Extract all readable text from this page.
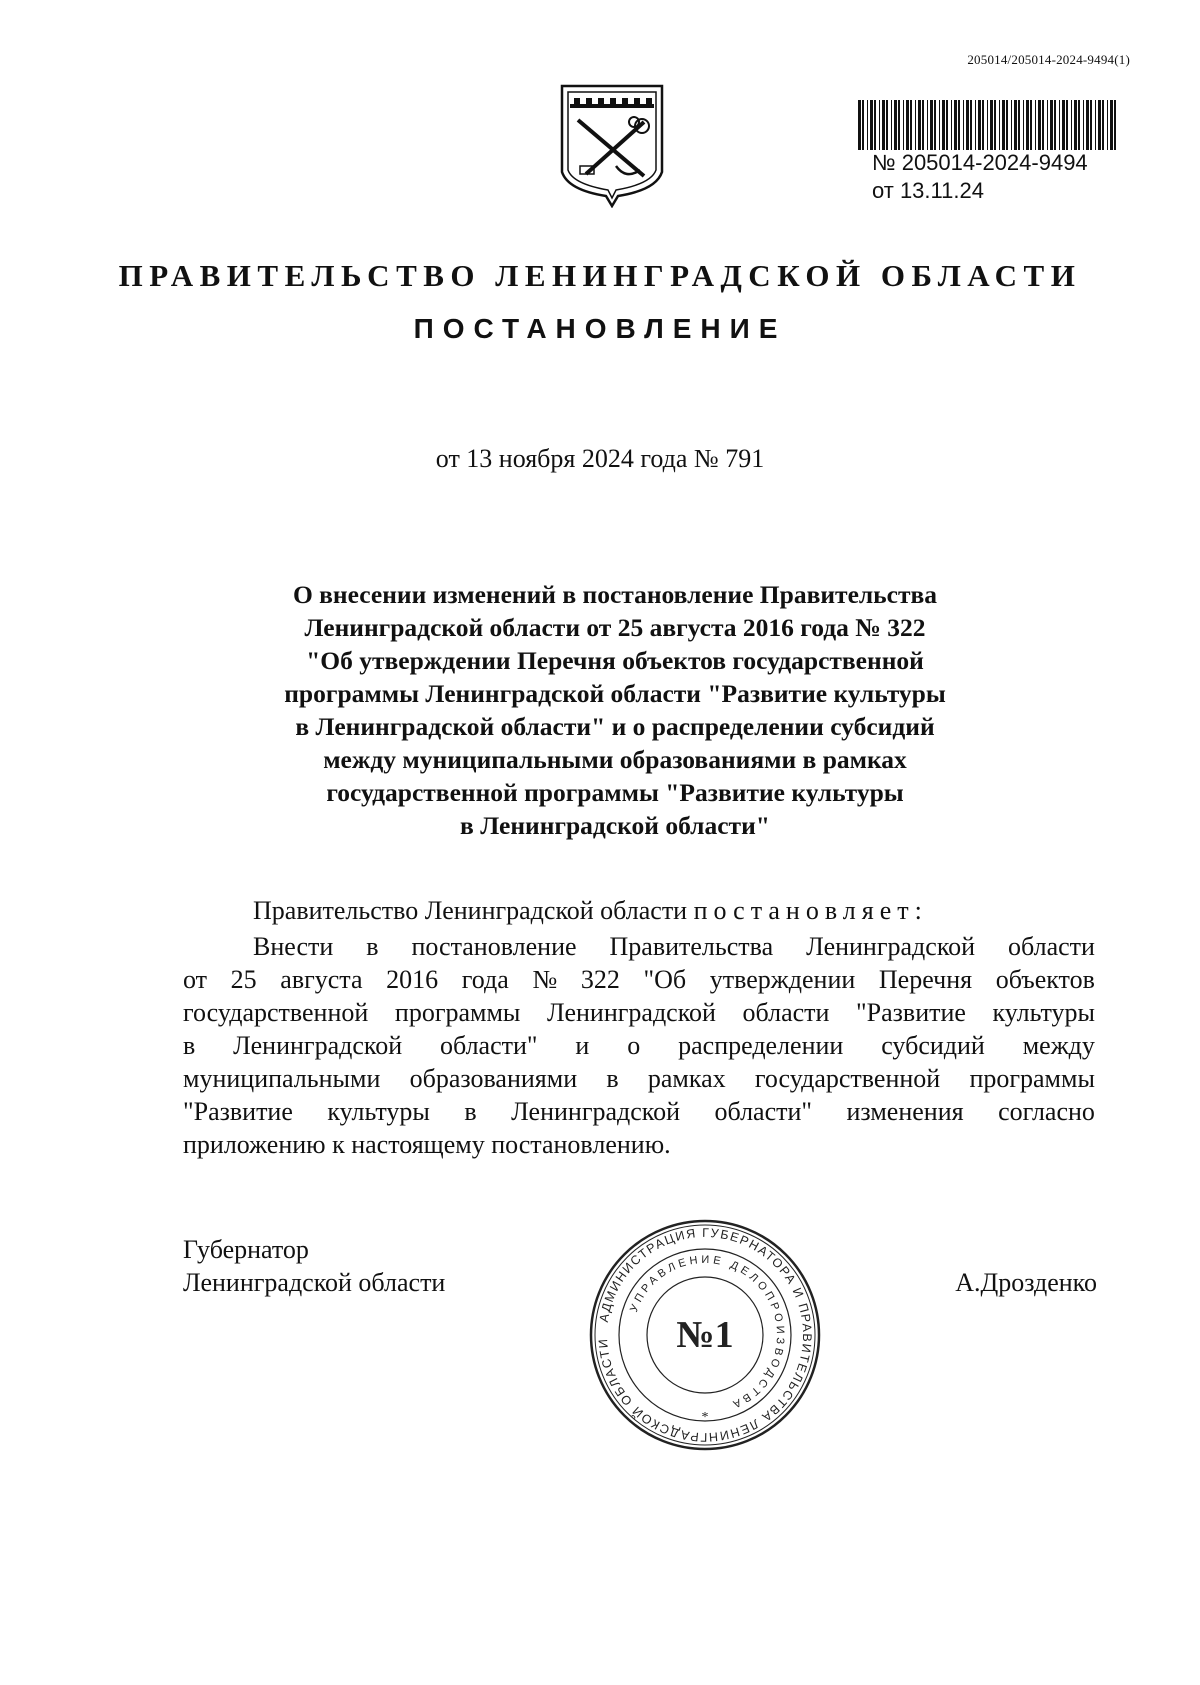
205014/205014-2024-9494(1)
№ 205014-2024-9494
от 13.11.24
ПРАВИТЕЛЬСТВО ЛЕНИНГРАДСКОЙ ОБЛАСТИ
ПОСТАНОВЛЕНИЕ
от 13 ноября 2024 года № 791
О внесении изменений в постановление Правительства
Ленинградской области от 25 августа 2016 года № 322
"Об утверждении Перечня объектов государственной
программы Ленинградской области "Развитие культуры
в Ленинградской области" и о распределении субсидий
между муниципальными образованиями в рамках
государственной программы "Развитие культуры
в Ленинградской области"
Правительство Ленинградской области постановляет:
Внести в постановление Правительства Ленинградской области
от 25 августа 2016 года № 322 "Об утверждении Перечня объектов
государственной программы Ленинградской области "Развитие культуры
в Ленинградской области" и о распределении субсидий между
муниципальными образованиями в рамках государственной программы
"Развитие культуры в Ленинградской области" изменения согласно
приложению к настоящему постановлению.
Губернатор
Ленинградской области	А.Дрозденко
АДМИНИСТРАЦИЯ ГУБЕРНАТОРА И ПРАВИТЕЛЬСТВА ЛЕНИНГРАДСКОЙ ОБЛАСТИ
УПРАВЛЕНИЕ ДЕЛОПРОИЗВОДСТВА
№1
*
